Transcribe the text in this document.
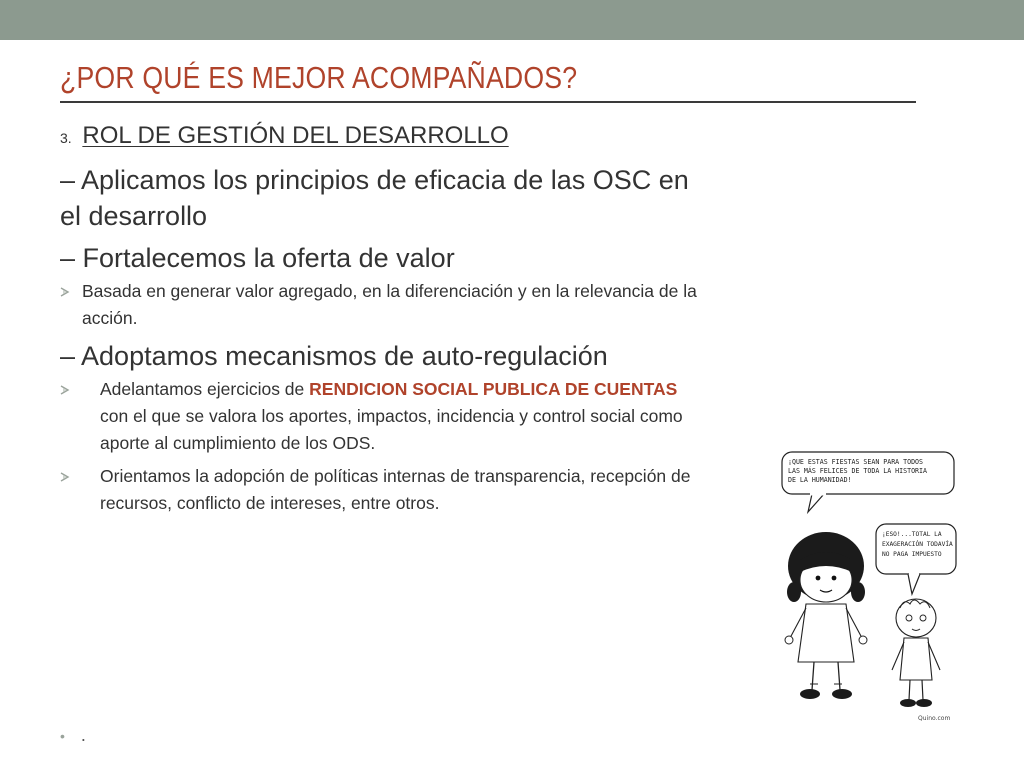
¿POR QUÉ ES MEJOR ACOMPAÑADOS?
3. ROL DE GESTIÓN DEL DESARROLLO
– Aplicamos los principios de eficacia de las OSC en el desarrollo
– Fortalecemos la oferta de valor
Basada en generar valor agregado, en la diferenciación y en la relevancia de la acción.
– Adoptamos mecanismos de auto-regulación
Adelantamos ejercicios de RENDICION SOCIAL PUBLICA DE CUENTAS con el que se valora los aportes, impactos, incidencia y control social como aporte al cumplimiento de los ODS.
Orientamos la adopción de políticas internas de transparencia, recepción de recursos, conflicto de intereses, entre otros.
• .
¡QUE ESTAS FIESTAS SEAN PARA TODOS LAS MÁS FELICES DE TODA LA HISTORIA DE LA HUMANIDAD!
¡ESO!...TOTAL LA EXAGERACIÓN TODAVÍA NO PAGA IMPUESTO
Quino.com
